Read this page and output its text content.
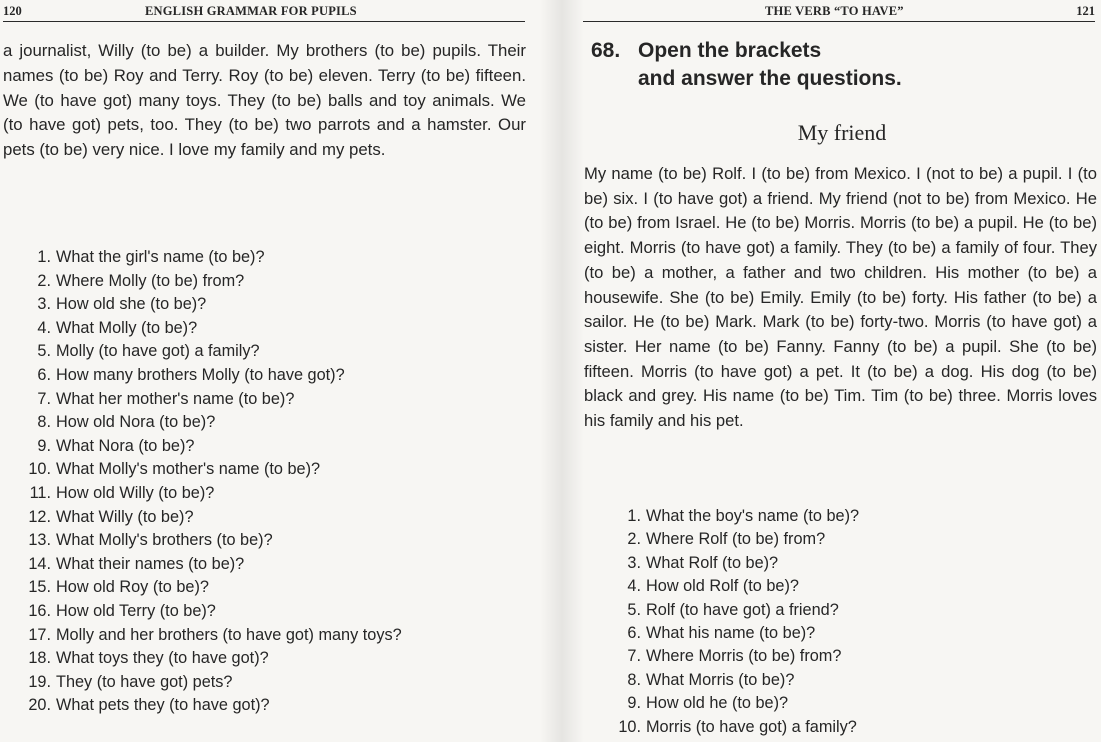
120	ENGLISH GRAMMAR FOR PUPILS

a journalist, Willy (to be) a builder. My brothers (to be) pupils. Their names (to be) Roy and Terry. Roy (to be) eleven. Terry (to be) fifteen. We (to have got) many toys. They (to be) balls and toy animals. We (to have got) pets, too. They (to be) two parrots and a hamster. Our pets (to be) very nice. I love my family and my pets.

1. What the girl's name (to be)?
2. Where Molly (to be) from?
3. How old she (to be)?
4. What Molly (to be)?
5. Molly (to have got) a family?
6. How many brothers Molly (to have got)?
7. What her mother's name (to be)?
8. How old Nora (to be)?
9. What Nora (to be)?
10. What Molly's mother's name (to be)?
11. How old Willy (to be)?
12. What Willy (to be)?
13. What Molly's brothers (to be)?
14. What their names (to be)?
15. How old Roy (to be)?
16. How old Terry (to be)?
17. Molly and her brothers (to have got) many toys?
18. What toys they (to have got)?
19. They (to have got) pets?
20. What pets they (to have got)?
THE VERB “TO HAVE”	121
68. Open the brackets
and answer the questions.
My friend

My name (to be) Rolf. I (to be) from Mexico. I (not to be) a pupil. I (to be) six. I (to have got) a friend. My friend (not to be) from Mexico. He (to be) from Israel. He (to be) Morris. Morris (to be) a pupil. He (to be) eight. Morris (to have got) a family. They (to be) a family of four. They (to be) a mother, a father and two children. His mother (to be) a housewife. She (to be) Emily. Emily (to be) forty. His father (to be) a sailor. He (to be) Mark. Mark (to be) forty-two. Morris (to have got) a sister. Her name (to be) Fanny. Fanny (to be) a pupil. She (to be) fifteen. Morris (to have got) a pet. It (to be) a dog. His dog (to be) black and grey. His name (to be) Tim. Tim (to be) three. Morris loves his family and his pet.

1. What the boy's name (to be)?
2. Where Rolf (to be) from?
3. What Rolf (to be)?
4. How old Rolf (to be)?
5. Rolf (to have got) a friend?
6. What his name (to be)?
7. Where Morris (to be) from?
8. What Morris (to be)?
9. How old he (to be)?
10. Morris (to have got) a family?
